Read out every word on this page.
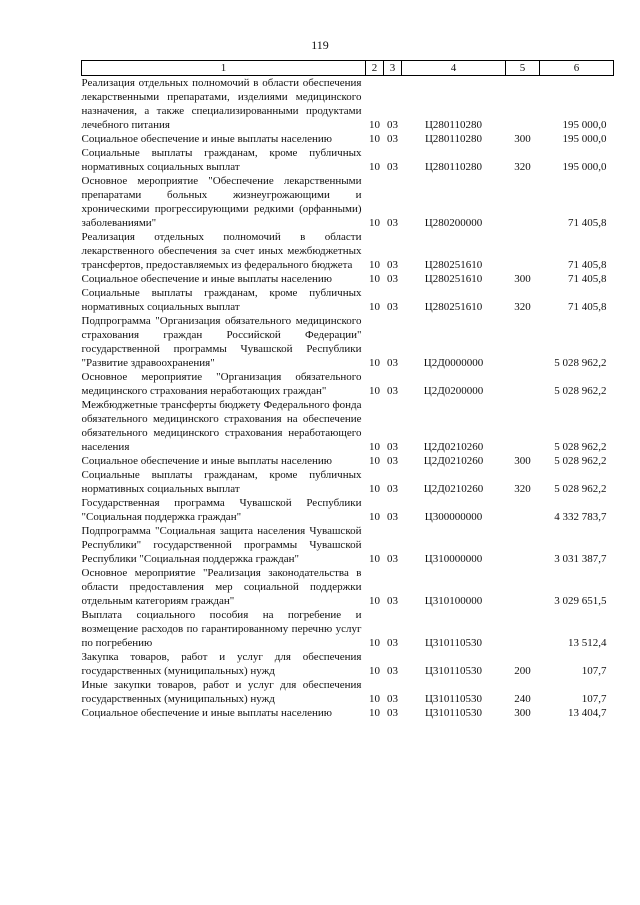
119
1	2	3	4	5	6
Реализация отдельных полномочий в области обеспечения лекарственными препаратами, изделиями медицинского назначения, а также специализированными продуктами лечебного питания	10	03	Ц280110280		195 000,0
Социальное обеспечение и иные выплаты населению	10	03	Ц280110280	300	195 000,0
Социальные выплаты гражданам, кроме публичных нормативных социальных выплат	10	03	Ц280110280	320	195 000,0
Основное мероприятие "Обеспечение лекарственными препаратами больных жизнеугрожающими и хроническими прогрессирующими редкими (орфанными) заболеваниями"	10	03	Ц280200000		71 405,8
Реализация отдельных полномочий в области лекарственного обеспечения за счет иных межбюджетных трансфертов, предоставляемых из федерального бюджета	10	03	Ц280251610		71 405,8
Социальное обеспечение и иные выплаты населению	10	03	Ц280251610	300	71 405,8
Социальные выплаты гражданам, кроме публичных нормативных социальных выплат	10	03	Ц280251610	320	71 405,8
Подпрограмма "Организация обязательного медицинского страхования граждан Российской Федерации" государственной программы Чувашской Республики "Развитие здравоохранения"	10	03	Ц2Д0000000		5 028 962,2
Основное мероприятие "Организация обязательного медицинского страхования неработающих граждан"	10	03	Ц2Д0200000		5 028 962,2
Межбюджетные трансферты бюджету Федерального фонда обязательного медицинского страхования на обеспечение обязательного медицинского страхования неработающего населения	10	03	Ц2Д0210260		5 028 962,2
Социальное обеспечение и иные выплаты населению	10	03	Ц2Д0210260	300	5 028 962,2
Социальные выплаты гражданам, кроме публичных нормативных социальных выплат	10	03	Ц2Д0210260	320	5 028 962,2
Государственная программа Чувашской Республики "Социальная поддержка граждан"	10	03	Ц300000000		4 332 783,7
Подпрограмма "Социальная защита населения Чувашской Республики" государственной программы Чувашской Республики "Социальная поддержка граждан"	10	03	Ц310000000		3 031 387,7
Основное мероприятие "Реализация законодательства в области предоставления мер социальной поддержки отдельным категориям граждан"	10	03	Ц310100000		3 029 651,5
Выплата социального пособия на погребение и возмещение расходов по гарантированному перечню услуг по погребению	10	03	Ц310110530		13 512,4
Закупка товаров, работ и услуг для обеспечения государственных (муниципальных) нужд	10	03	Ц310110530	200	107,7
Иные закупки товаров, работ и услуг для обеспечения государственных (муниципальных) нужд	10	03	Ц310110530	240	107,7
Социальное обеспечение и иные выплаты населению	10	03	Ц310110530	300	13 404,7
